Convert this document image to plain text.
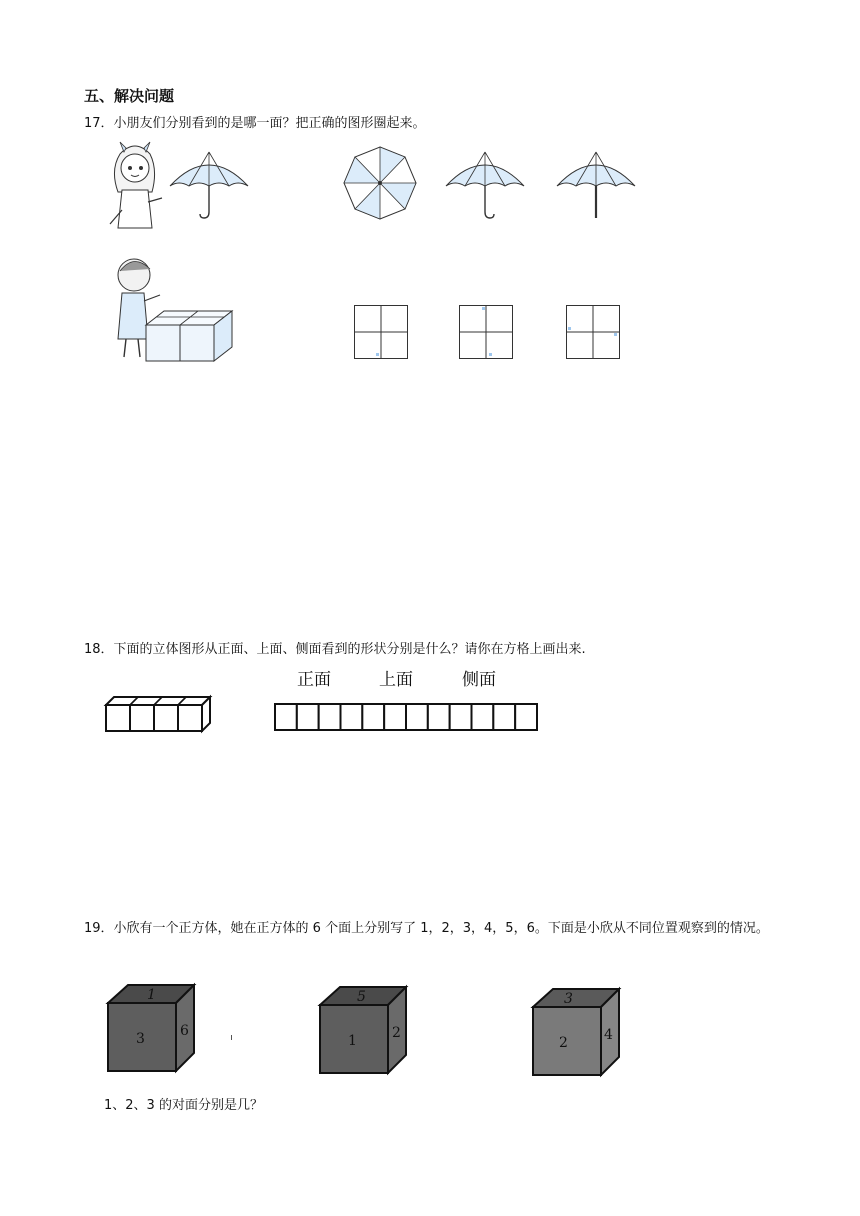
五、解决问题
17．小朋友们分别看到的是哪一面？把正确的图形圈起来。
18．下面的立体图形从正面、上面、侧面看到的形状分别是什么？请你在方格上画出来.
正面	上面	侧面
19．小欣有一个正方体，她在正方体的 6 个面上分别写了 1，2，3，4，5，6。下面是小欣从不同位置观察到的情况。
1
3	6
5
1	2
3
2	4
1、2、3 的对面分别是几？
